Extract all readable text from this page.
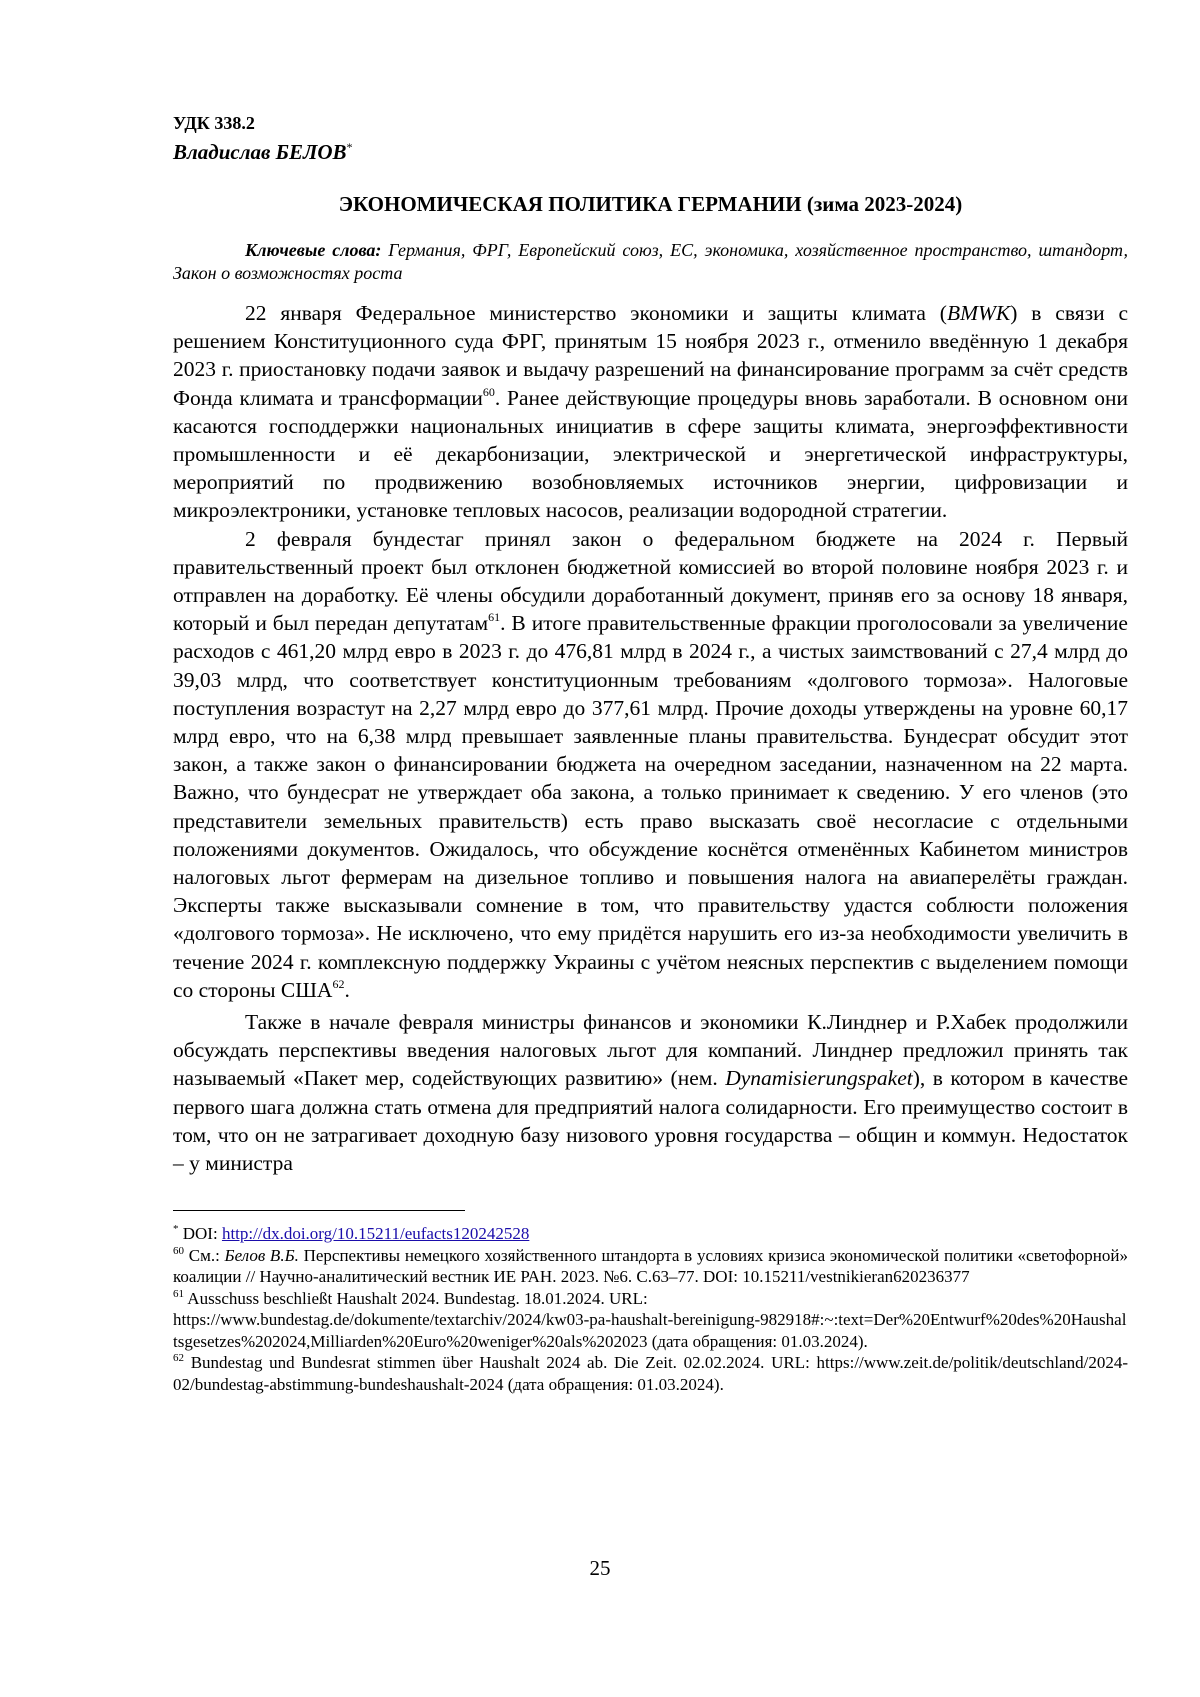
УДК 338.2
Владислав БЕЛОВ*
ЭКОНОМИЧЕСКАЯ ПОЛИТИКА ГЕРМАНИИ (зима 2023-2024)
Ключевые слова: Германия, ФРГ, Европейский союз, ЕС, экономика, хозяйственное пространство, штандорт, Закон о возможностях роста

22 января Федеральное министерство экономики и защиты климата (BMWK) в связи с решением Конституционного суда ФРГ, принятым 15 ноября 2023 г., отменило введённую 1 декабря 2023 г. приостановку подачи заявок и выдачу разрешений на финансирование программ за счёт средств Фонда климата и трансформации$^{60}$. Ранее действующие процедуры вновь заработали. В основном они касаются господдержки национальных инициатив в сфере защиты климата, энергоэффективности промышленности и её декарбонизации, электрической и энергетической инфраструктуры, мероприятий по продвижению возобновляемых источников энергии, цифровизации и микроэлектроники, установке тепловых насосов, реализации водородной стратегии.

2 февраля бундестаг принял закон о федеральном бюджете на 2024 г. Первый правительственный проект был отклонен бюджетной комиссией во второй половине ноября 2023 г. и отправлен на доработку. Её члены обсудили доработанный документ, приняв его за основу 18 января, который и был передан депутатам$^{61}$. В итоге правительственные фракции проголосовали за увеличение расходов с 461,20 млрд евро в 2023 г. до 476,81 млрд в 2024 г., а чистых заимствований с 27,4 млрд до 39,03 млрд, что соответствует конституционным требованиям «долгового тормоза». Налоговые поступления возрастут на 2,27 млрд евро до 377,61 млрд. Прочие доходы утверждены на уровне 60,17 млрд евро, что на 6,38 млрд превышает заявленные планы правительства. Бундесрат обсудит этот закон, а также закон о финансировании бюджета на очередном заседании, назначенном на 22 марта. Важно, что бундесрат не утверждает оба закона, а только принимает к сведению. У его членов (это представители земельных правительств) есть право высказать своё несогласие с отдельными положениями документов. Ожидалось, что обсуждение коснётся отменённых Кабинетом министров налоговых льгот фермерам на дизельное топливо и повышения налога на авиаперелёты граждан. Эксперты также высказывали сомнение в том, что правительству удастся соблюсти положения «долгового тормоза». Не исключено, что ему придётся нарушить его из-за необходимости увеличить в течение 2024 г. комплексную поддержку Украины с учётом неясных перспектив с выделением помощи со стороны США$^{62}$.

Также в начале февраля министры финансов и экономики К.Линднер и Р.Хабек продолжили обсуждать перспективы введения налоговых льгот для компаний. Линднер предложил принять так называемый «Пакет мер, содействующих развитию» (нем. Dynamisierungspaket), в котором в качестве первого шага должна стать отмена для предприятий налога солидарности. Его преимущество состоит в том, что он не затрагивает доходную базу низового уровня государства – общин и коммун. Недостаток – у министра

* DOI: http://dx.doi.org/10.15211/eufacts120242528

$^{60}$ См.: Белов В.Б. Перспективы немецкого хозяйственного штандорта в условиях кризиса экономической политики «светофорной» коалиции // Научно-аналитический вестник ИЕ РАН. 2023. №6. С.63–77. DOI: 10.15211/vestnikieran620236377

$^{61}$ Ausschuss beschließt Haushalt 2024. Bundestag. 18.01.2024. URL:
https://www.bundestag.de/dokumente/textarchiv/2024/kw03-pa-haushalt-bereinigung-982918#:~:text=Der%20Entwurf%20des%20Haushaltsgesetzes%202024,Milliarden%20Euro%20weniger%20als%202023 (дата обращения: 01.03.2024).

$^{62}$ Bundestag und Bundesrat stimmen über Haushalt 2024 ab. Die Zeit. 02.02.2024. URL: https://www.zeit.de/politik/deutschland/2024-02/bundestag-abstimmung-bundeshaushalt-2024 (дата обращения: 01.03.2024).

25
